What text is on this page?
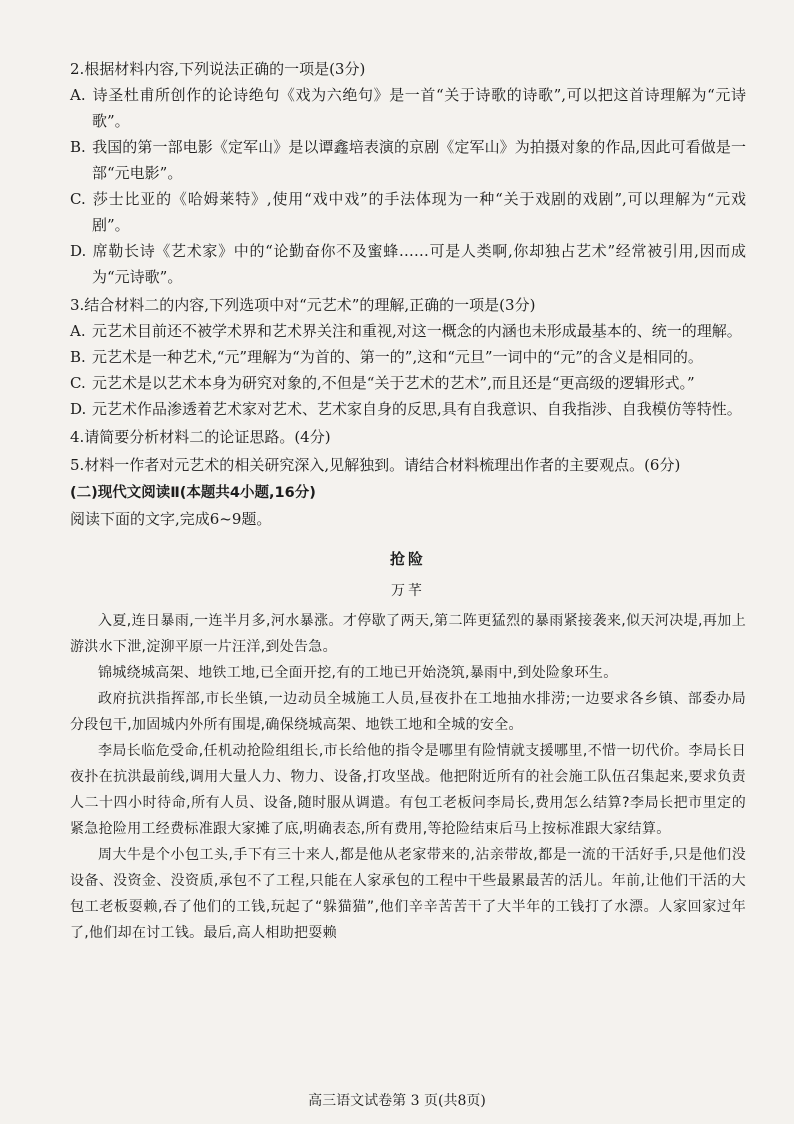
2.根据材料内容,下列说法正确的一项是(3分)
A. 诗圣杜甫所创作的论诗绝句《戏为六绝句》是一首“关于诗歌的诗歌”,可以把这首诗理解为“元诗歌”。
B. 我国的第一部电影《定军山》是以谭鑫培表演的京剧《定军山》为拍摄对象的作品,因此可看做是一部“元电影”。
C. 莎士比亚的《哈姆莱特》,使用“戏中戏”的手法体现为一种“关于戏剧的戏剧”,可以理解为“元戏剧”。
D. 席勒长诗《艺术家》中的“论勤奋你不及蜜蜂……可是人类啊,你却独占艺术”经常被引用,因而成为“元诗歌”。
3.结合材料二的内容,下列选项中对“元艺术”的理解,正确的一项是(3分)
A. 元艺术目前还不被学术界和艺术界关注和重视,对这一概念的内涵也未形成最基本的、统一的理解。
B. 元艺术是一种艺术,“元”理解为“为首的、第一的”,这和“元旦”一词中的“元”的含义是相同的。
C. 元艺术是以艺术本身为研究对象的,不但是“关于艺术的艺术”,而且还是“更高级的逻辑形式。”
D. 元艺术作品渗透着艺术家对艺术、艺术家自身的反思,具有自我意识、自我指涉、自我模仿等特性。
4.请简要分析材料二的论证思路。(4分)
5.材料一作者对元艺术的相关研究深入,见解独到。请结合材料梳理出作者的主要观点。(6分)
(二)现代文阅读Ⅱ(本题共4小题,16分)
阅读下面的文字,完成6~9题。
抢险
万芊

入夏,连日暴雨,一连半月多,河水暴涨。才停歇了两天,第二阵更猛烈的暴雨紧接袭来,似天河决堤,再加上游洪水下泄,淀泖平原一片汪洋,到处告急。

锦城绕城高架、地铁工地,已全面开挖,有的工地已开始浇筑,暴雨中,到处险象环生。

政府抗洪指挥部,市长坐镇,一边动员全城施工人员,昼夜扑在工地抽水排涝;一边要求各乡镇、部委办局分段包干,加固城内外所有围堤,确保绕城高架、地铁工地和全城的安全。

李局长临危受命,任机动抢险组组长,市长给他的指令是哪里有险情就支援哪里,不惜一切代价。李局长日夜扑在抗洪最前线,调用大量人力、物力、设备,打攻坚战。他把附近所有的社会施工队伍召集起来,要求负责人二十四小时待命,所有人员、设备,随时服从调遣。有包工老板问李局长,费用怎么结算?李局长把市里定的紧急抢险用工经费标准跟大家摊了底,明确表态,所有费用,等抢险结束后马上按标准跟大家结算。

周大牛是个小包工头,手下有三十来人,都是他从老家带来的,沾亲带故,都是一流的干活好手,只是他们没设备、没资金、没资质,承包不了工程,只能在人家承包的工程中干些最累最苦的活儿。年前,让他们干活的大包工老板耍赖,吞了他们的工钱,玩起了“躲猫猫”,他们辛辛苦苦干了大半年的工钱打了水漂。人家回家过年了,他们却在讨工钱。最后,高人相助把耍赖

高三语文试卷第 3 页(共8页)
